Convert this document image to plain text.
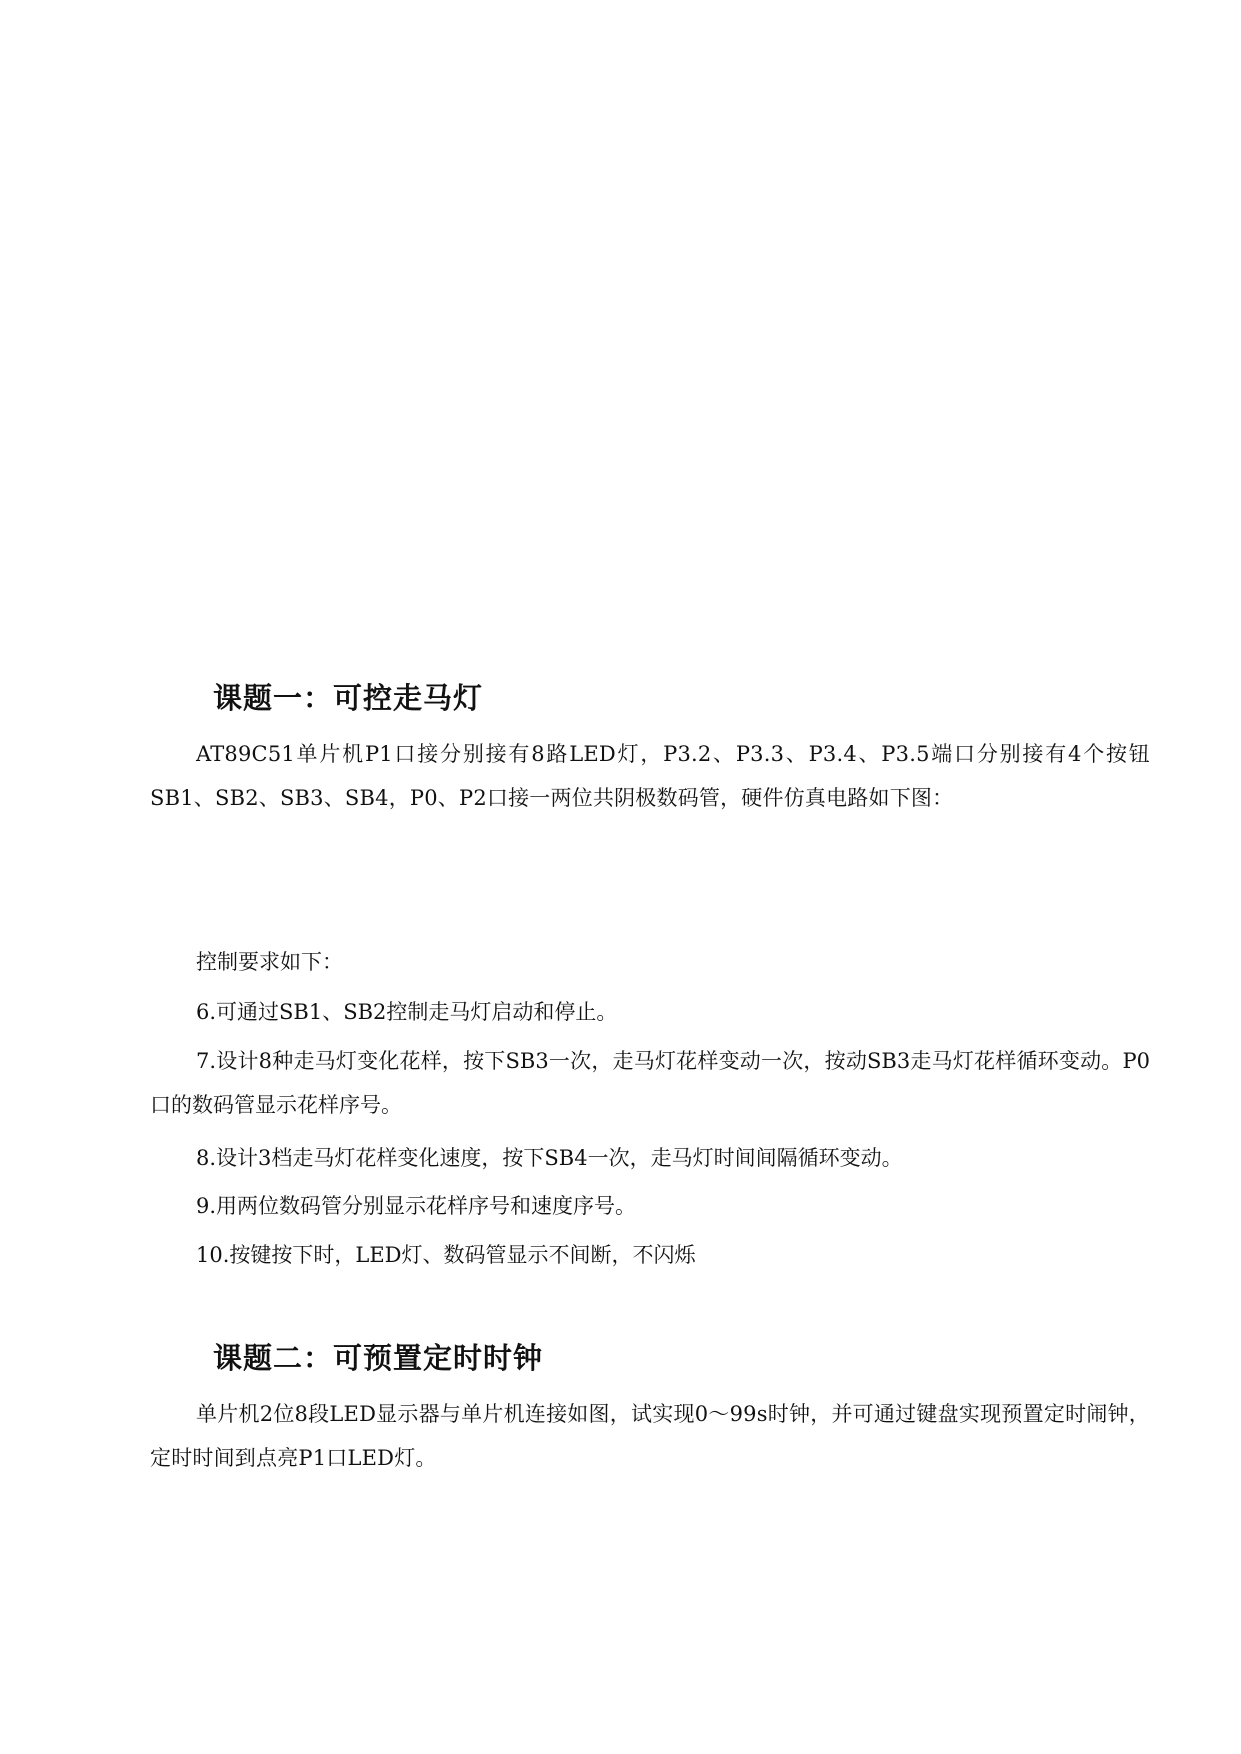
课题一：可控走马灯

AT89C51单片机P1口接分别接有8路LED灯，P3.2、P3.3、P3.4、P3.5端口分别接有4个按钮SB1、SB2、SB3、SB4，P0、P2口接一两位共阴极数码管，硬件仿真电路如下图：

控制要求如下：

6.可通过SB1、SB2控制走马灯启动和停止。

7.设计8种走马灯变化花样，按下SB3一次，走马灯花样变动一次，按动SB3走马灯花样循环变动。P0口的数码管显示花样序号。

8.设计3档走马灯花样变化速度，按下SB4一次，走马灯时间间隔循环变动。

9.用两位数码管分别显示花样序号和速度序号。

10.按键按下时，LED灯、数码管显示不间断，不闪烁

课题二：可预置定时时钟

单片机2位8段LED显示器与单片机连接如图，试实现0～99s时钟，并可通过键盘实现预置定时闹钟，定时时间到点亮P1口LED灯。
